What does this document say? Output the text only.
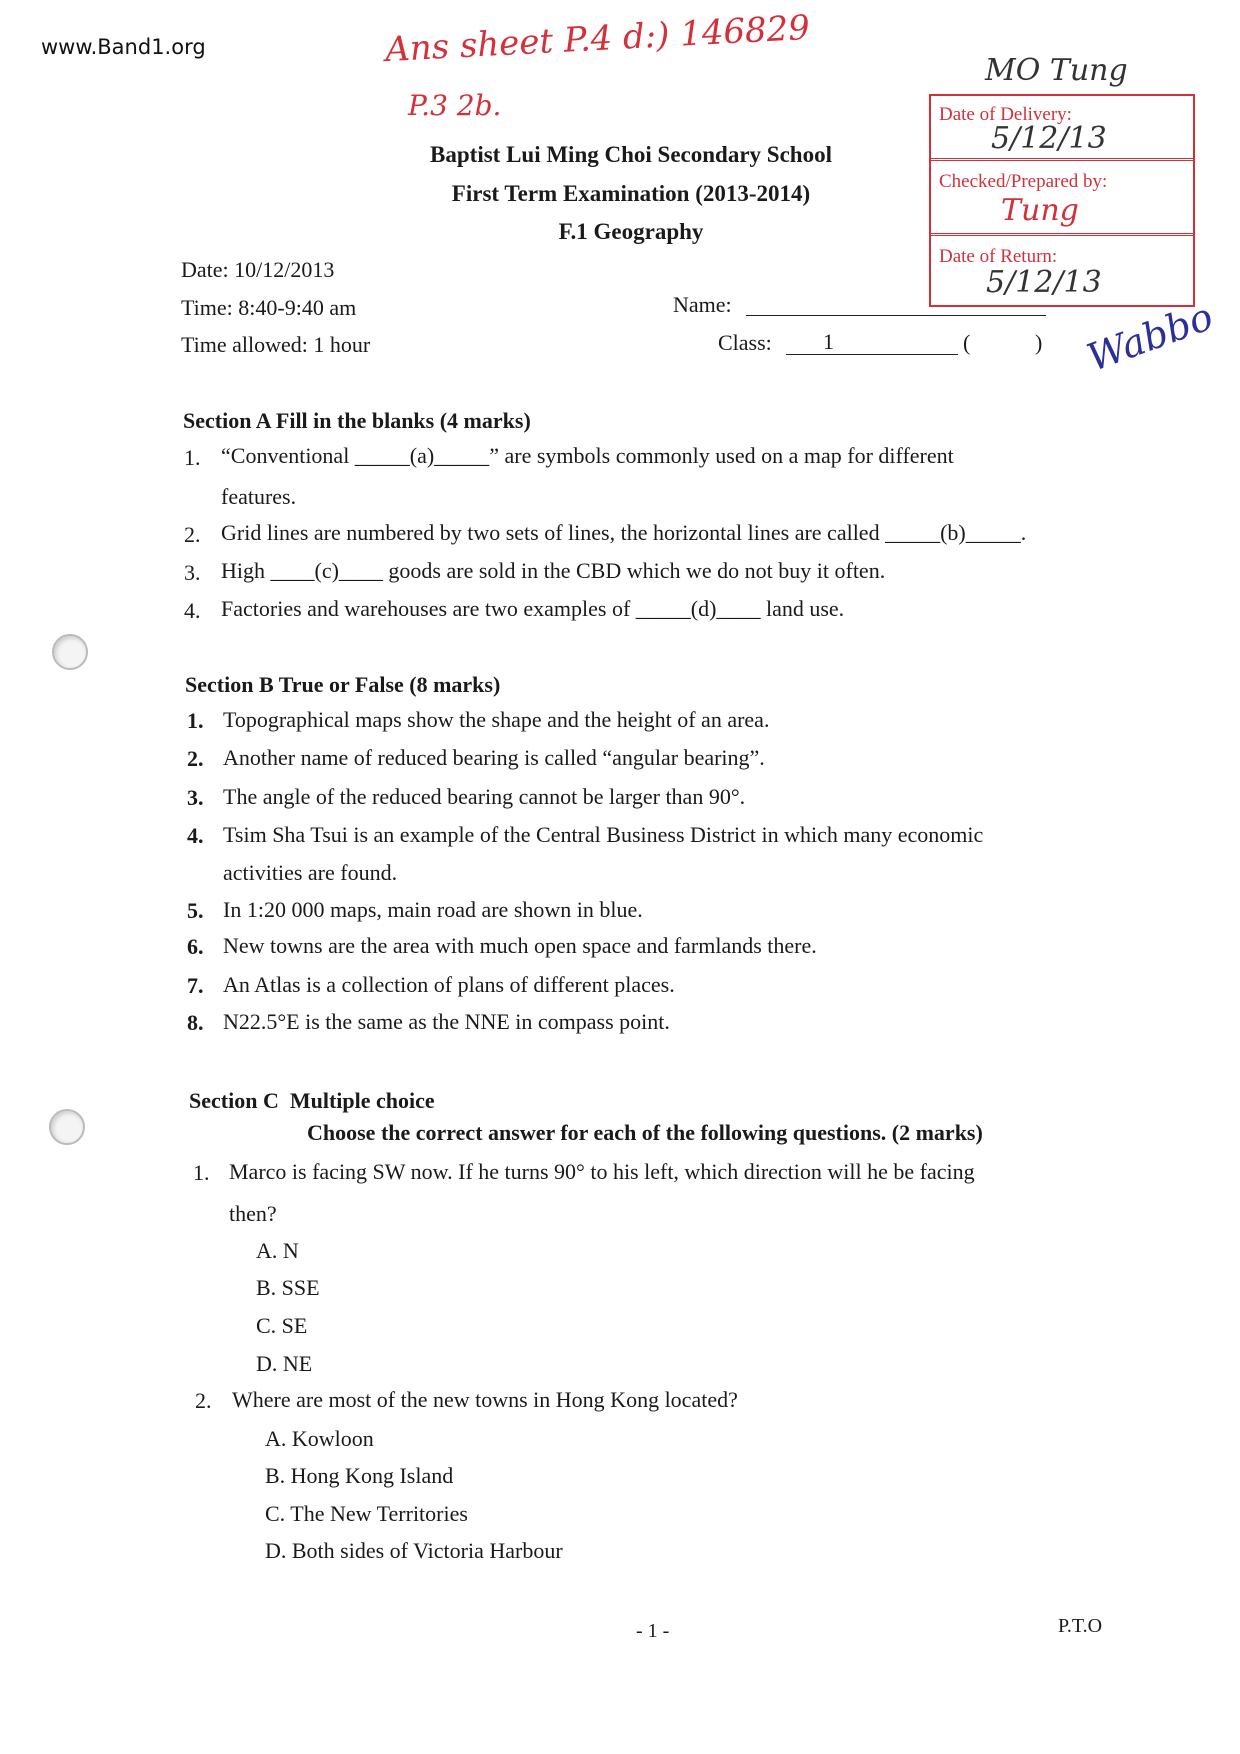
www.Band1.org	Ans sheet P.4 d:) 146829
P.3 2b.
MO Tung
Date of Delivery:
5/12/13
Checked/Prepared by:
Tung
Date of Return:
5/12/13
Wabbo
Baptist Lui Ming Choi Secondary School
First Term Examination (2013-2014)
F.1 Geography
Date: 10/12/2013
Time: 8:40-9:40 am
Time allowed: 1 hour
Name:
Class: 1	(	)
Section A Fill in the blanks (4 marks)
1. “Conventional _____(a)_____” are symbols commonly used on a map for different
features.
2. Grid lines are numbered by two sets of lines, the horizontal lines are called _____(b)_____.
3. High ____(c)____ goods are sold in the CBD which we do not buy it often.
4. Factories and warehouses are two examples of _____(d)____ land use.
Section B True or False (8 marks)
1. Topographical maps show the shape and the height of an area.
2. Another name of reduced bearing is called “angular bearing”.
3. The angle of the reduced bearing cannot be larger than 90°.
4. Tsim Sha Tsui is an example of the Central Business District in which many economic
activities are found.
5. In 1:20 000 maps, main road are shown in blue.
6. New towns are the area with much open space and farmlands there.
7. An Atlas is a collection of plans of different places.
8. N22.5°E is the same as the NNE in compass point.
Section C  Multiple choice
Choose the correct answer for each of the following questions. (2 marks)
1. Marco is facing SW now. If he turns 90° to his left, which direction will he be facing
then?
A. N
B. SSE
C. SE
D. NE
2. Where are most of the new towns in Hong Kong located?
A. Kowloon
B. Hong Kong Island
C. The New Territories
D. Both sides of Victoria Harbour
- 1 -	P.T.O
